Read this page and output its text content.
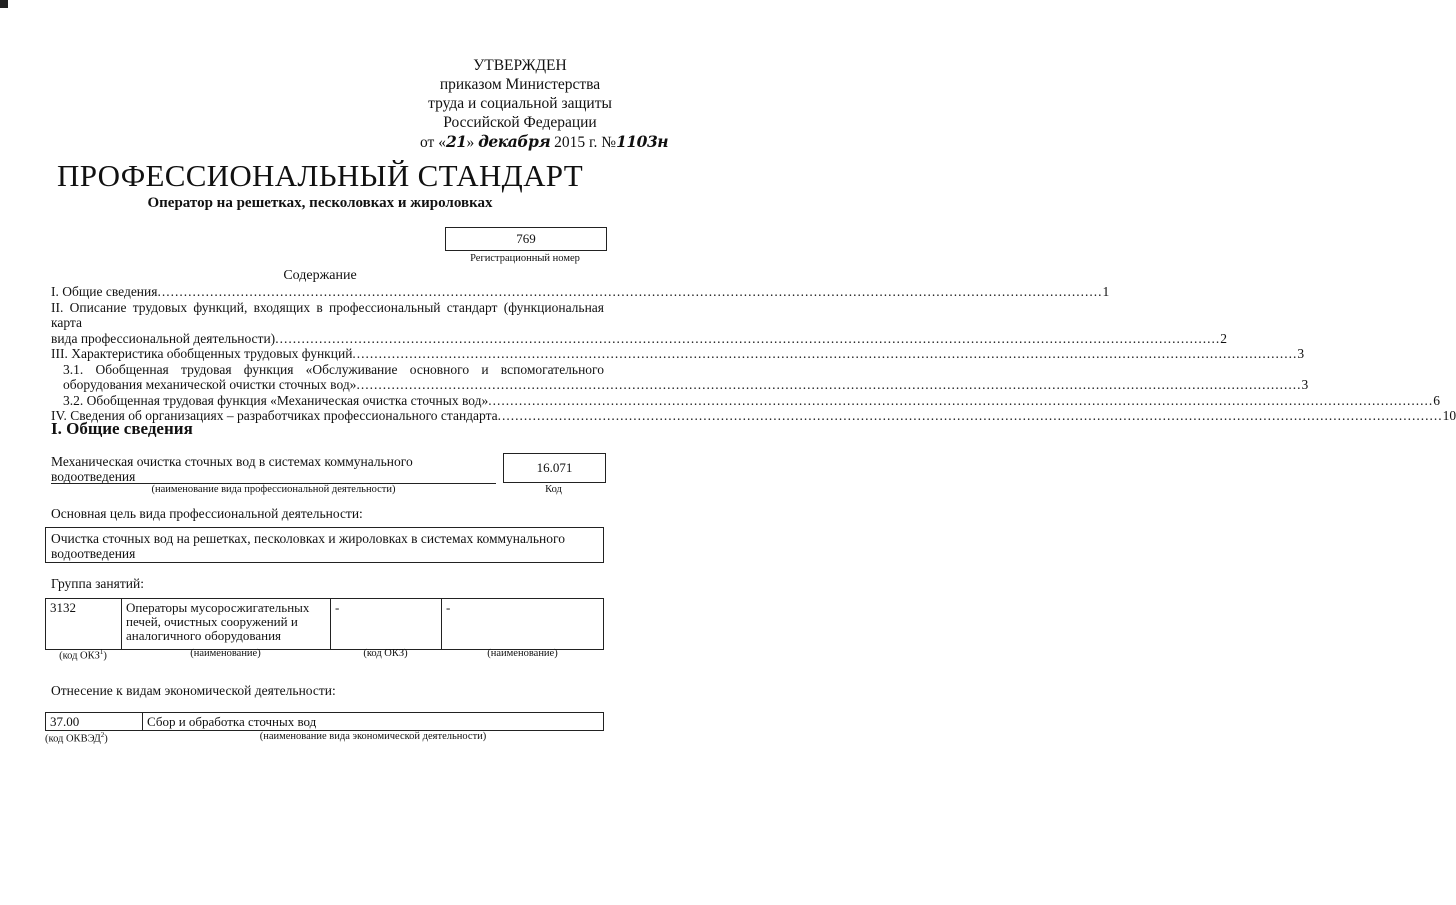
УТВЕРЖДЕН
приказом Министерства
труда и социальной защиты
Российской Федерации
от «21» декабря 2015 г. №1103н
ПРОФЕССИОНАЛЬНЫЙ СТАНДАРТ
Оператор на решетках, песколовках и жироловках
769
Регистрационный номер
Содержание
I. Общие сведения .....	1
II. Описание трудовых функций, входящих в профессиональный стандарт (функциональная карта
вида профессиональной деятельности) .....	2
III. Характеристика обобщенных трудовых функций .....	3
3.1. Обобщенная трудовая функция «Обслуживание основного и вспомогательного
оборудования механической очистки сточных вод» .....	3
3.2. Обобщенная трудовая функция «Механическая очистка сточных вод» .....	6
IV. Сведения об организациях – разработчиках профессионального стандарта .....	10
I. Общие сведения
Механическая очистка сточных вод в системах коммунального водоотведения
(наименование вида профессиональной деятельности)
16.071
Код
Основная цель вида профессиональной деятельности:
Очистка сточных вод на решетках, песколовках и жироловках в системах коммунального водоотведения
Группа занятий:
3132	Операторы мусоросжигательных печей, очистных сооружений и аналогичного оборудования	-	-
(код ОКЗ$^1$)	(наименование)	(код ОКЗ)	(наименование)
Отнесение к видам экономической деятельности:
37.00	Сбор и обработка сточных вод
(код ОКВЭД$^2$)	(наименование вида экономической деятельности)
